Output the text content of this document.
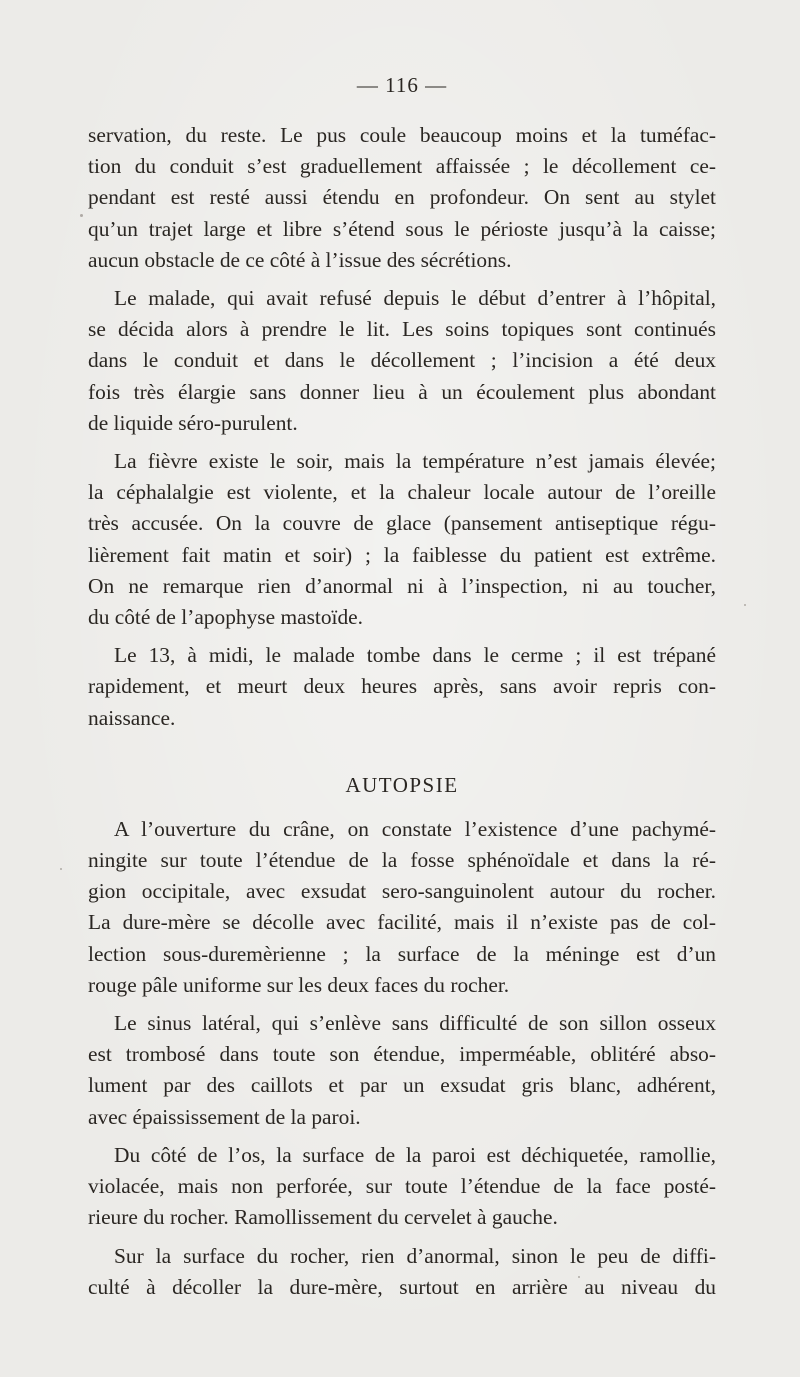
— 116 —

servation, du reste. Le pus coule beaucoup moins et la tuméfac-
tion du conduit s’est graduellement affaissée ; le décollement ce-
pendant est resté aussi étendu en profondeur. On sent au stylet
qu’un trajet large et libre s’étend sous le périoste jusqu’à la caisse;
aucun obstacle de ce côté à l’issue des sécrétions.

Le malade, qui avait refusé depuis le début d’entrer à l’hôpital,
se décida alors à prendre le lit. Les soins topiques sont continués
dans le conduit et dans le décollement ; l’incision a été deux
fois très élargie sans donner lieu à un écoulement plus abondant
de liquide séro-purulent.

La fièvre existe le soir, mais la température n’est jamais élevée;
la céphalalgie est violente, et la chaleur locale autour de l’oreille
très accusée. On la couvre de glace (pansement antiseptique régu-
lièrement fait matin et soir) ; la faiblesse du patient est extrême.
On ne remarque rien d’anormal ni à l’inspection, ni au toucher,
du côté de l’apophyse mastoïde.

Le 13, à midi, le malade tombe dans le cerme ; il est trépané
rapidement, et meurt deux heures après, sans avoir repris con-
naissance.

AUTOPSIE

A l’ouverture du crâne, on constate l’existence d’une pachymé-
ningite sur toute l’étendue de la fosse sphénoïdale et dans la ré-
gion occipitale, avec exsudat sero-sanguinolent autour du rocher.
La dure-mère se décolle avec facilité, mais il n’existe pas de col-
lection sous-duremèrienne ; la surface de la méninge est d’un
rouge pâle uniforme sur les deux faces du rocher.

Le sinus latéral, qui s’enlève sans difficulté de son sillon osseux
est trombosé dans toute son étendue, imperméable, oblitéré abso-
lument par des caillots et par un exsudat gris blanc, adhérent,
avec épaississement de la paroi.

Du côté de l’os, la surface de la paroi est déchiquetée, ramollie,
violacée, mais non perforée, sur toute l’étendue de la face posté-
rieure du rocher. Ramollissement du cervelet à gauche.

Sur la surface du rocher, rien d’anormal, sinon le peu de diffi-
culté à décoller la dure-mère, surtout en arrière au niveau du
